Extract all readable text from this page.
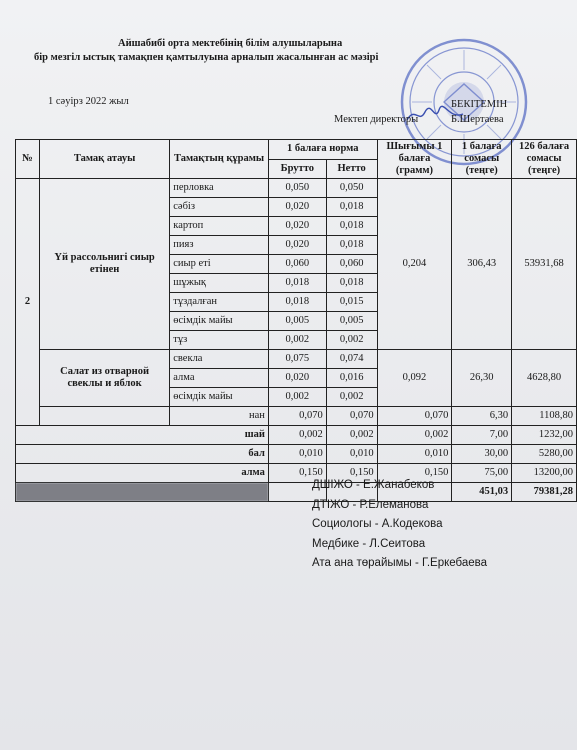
Айшабибі орта мектебінің білім алушыларына
бір мезгіл ыстық тамақпен қамтылуына арналып жасалынған ас мәзірі
1 сәуірз 2022 жыл	БЕКІТЕМІН
Мектеп директоры	Б.Шертаева
№	Тамақ атауы	Тамақтың құрамы	1 балаға норма		Шығымы 1 балаға (грамм)	1 балаға сомасы (теңге)	126 балаға сомасы (теңге)
			Брутто	Нетто			
2	Үй рассольнигі сиыр етінен	перловка	0,050	0,050	0,204	306,43	53931,68
		сәбіз	0,020	0,018			
		картоп	0,020	0,018			
		пияз	0,020	0,018			
		сиыр еті	0,060	0,060			
		шұжық	0,018	0,018			
		тұздалған	0,018	0,015			
		өсімдік майы	0,005	0,005			
		тұз	0,002	0,002			
	Салат из отварной свеклы и яблок	свекла	0,075	0,074	0,092	26,30	4628,80
		алма	0,020	0,016			
		өсімдік майы	0,002	0,002			
		нан	0,070	0,070	0,070	6,30	1108,80
шай			0,002	0,002	0,002	7,00	1232,00
бал			0,010	0,010	0,010	30,00	5280,00
алма			0,150	0,150	0,150	75,00	13200,00
						451,03	79381,28
ДШІЖО - Е.Жанабеков
ДТІЖО - Р.Елеманова
Социологы - А.Кодекова
Медбике - Л.Сеитова
Ата ана төрайымы - Г.Еркебаева
